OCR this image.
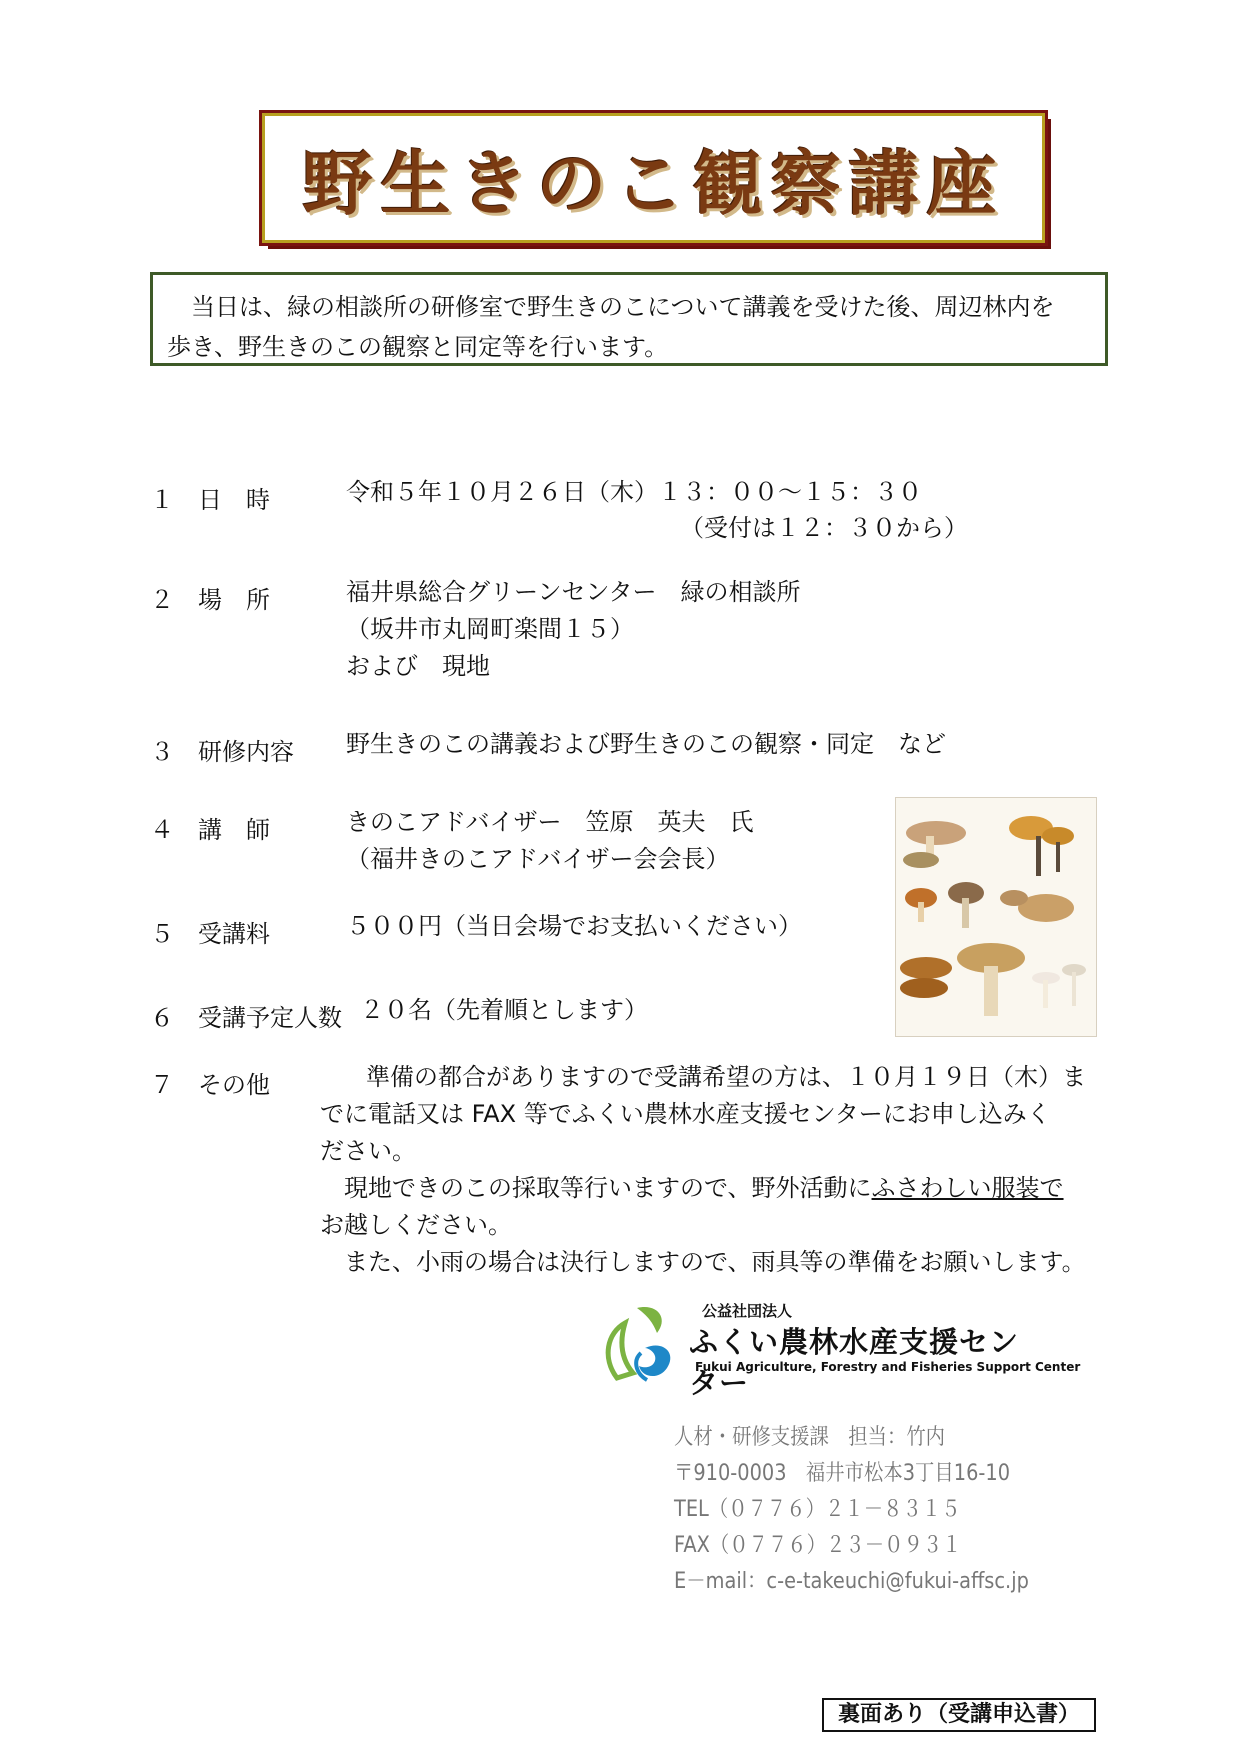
野生きのこ観察講座
　当日は、緑の相談所の研修室で野生きのこについて講義を受けた後、周辺林内を
歩き、野生きのこの観察と同定等を行います。
１ 日　時	令和５年１０月２６日（木）１３：００～１５：３０
（受付は１２：３０から）
２ 場　所	福井県総合グリーンセンター　緑の相談所
（坂井市丸岡町楽間１５）
および　現地
３ 研修内容 野生きのこの講義および野生きのこの観察・同定　など
４ 講　師	きのこアドバイザー　笠原　英夫　氏
（福井きのこアドバイザー会会長）
５ 受講料	５００円（当日会場でお支払いください）
６ 受講予定人数 ２０名（先着順とします）
７ その他	　準備の都合がありますので受講希望の方は、１０月１９日（木）ま
でに電話又は FAX 等でふくい農林水産支援センターにお申し込みく
ださい。
　現地できのこの採取等行いますので、野外活動にふさわしい服装で
お越しください。
　また、小雨の場合は決行しますので、雨具等の準備をお願いします。
公益社団法人
ふくい農林水産支援センター
Fukui Agriculture, Forestry and Fisheries Support Center
人材・研修支援課　担当：竹内
〒910-0003　福井市松本3丁目16-10
TEL（０７７６）２１－８３１５
FAX（０７７６）２３－０９３１
E－mail：c-e-takeuchi@fukui-affsc.jp
裏面あり（受講申込書）
